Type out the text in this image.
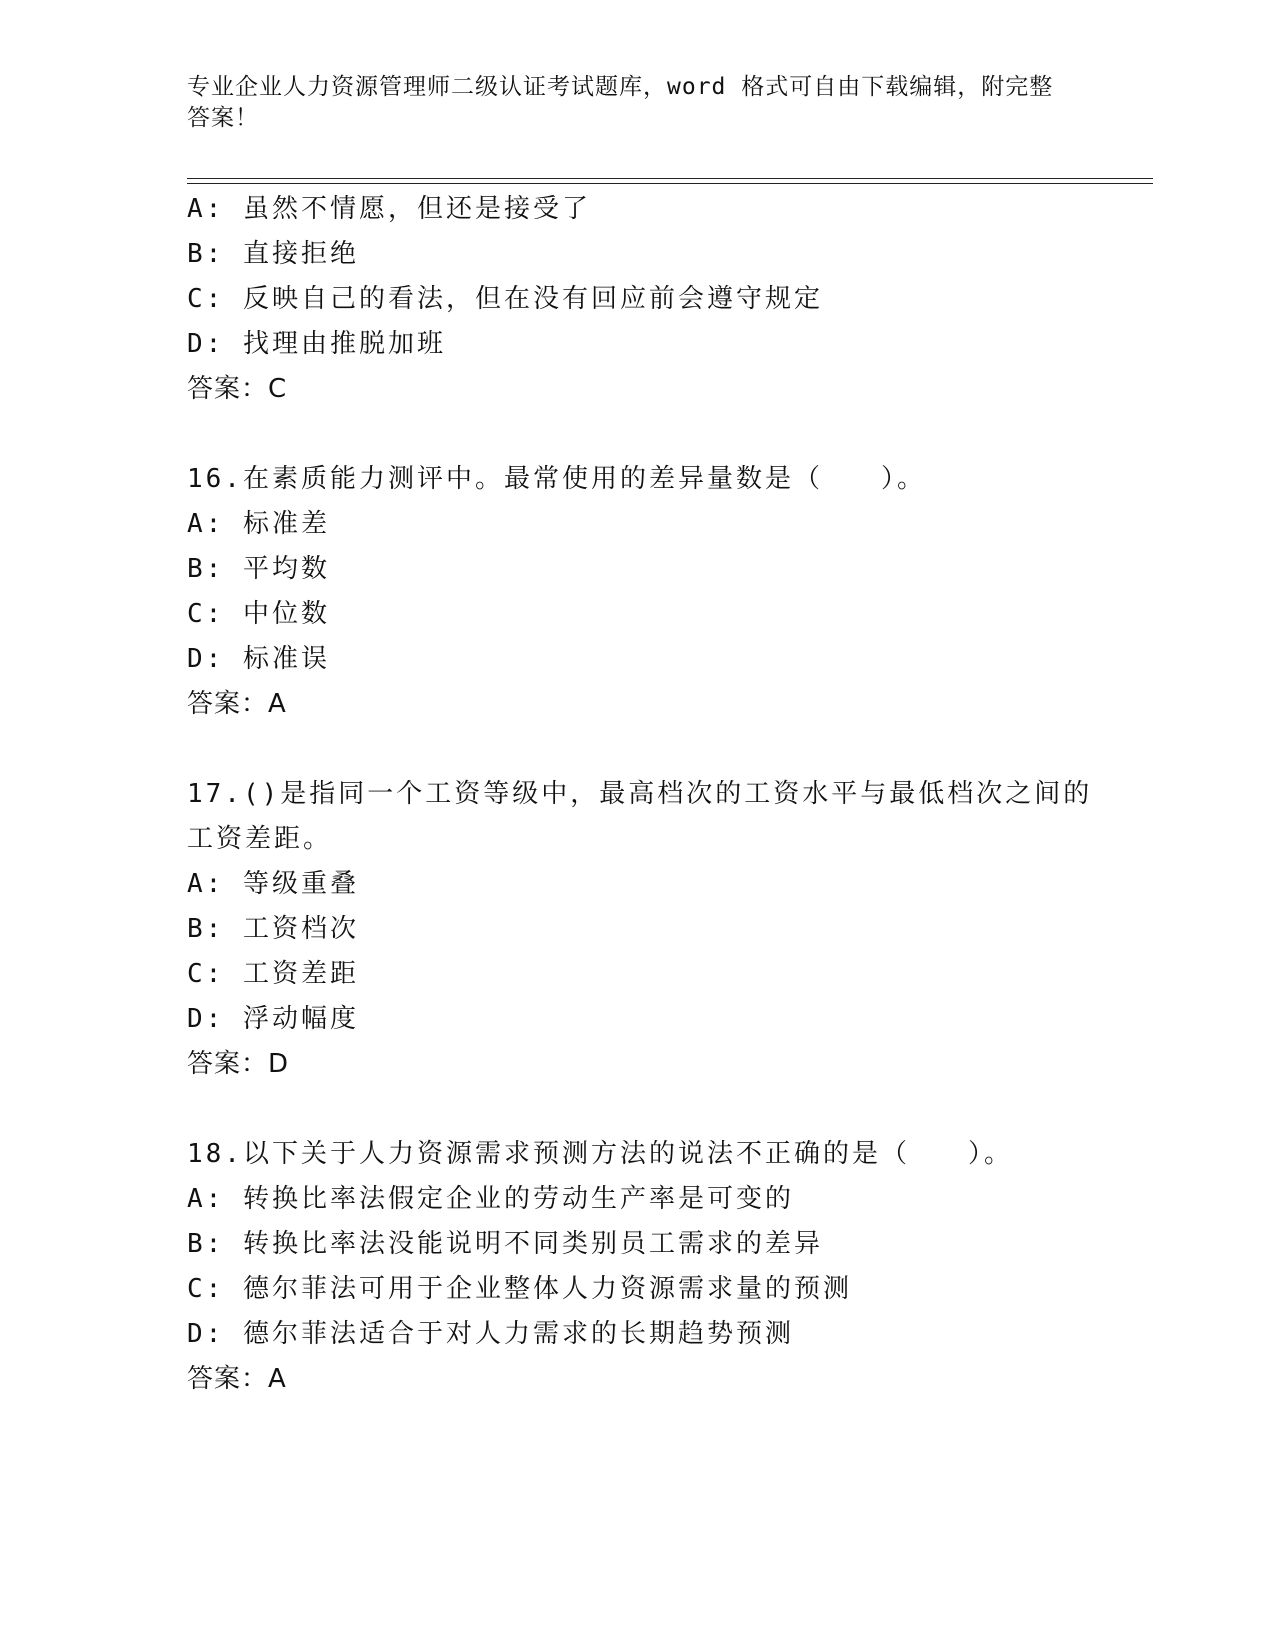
专业企业人力资源管理师二级认证考试题库，word 格式可自由下载编辑，附完整
答案！
A: 虽然不情愿，但还是接受了
B: 直接拒绝
C: 反映自己的看法，但在没有回应前会遵守规定
D: 找理由推脱加班
答案：C
16.在素质能力测评中。最常使用的差异量数是（　　）。
A: 标准差
B: 平均数
C: 中位数
D: 标准误
答案：A
17.()是指同一个工资等级中，最高档次的工资水平与最低档次之间的
工资差距。
A: 等级重叠
B: 工资档次
C: 工资差距
D: 浮动幅度
答案：D
18.以下关于人力资源需求预测方法的说法不正确的是（　　）。
A: 转换比率法假定企业的劳动生产率是可变的
B: 转换比率法没能说明不同类别员工需求的差异
C: 德尔菲法可用于企业整体人力资源需求量的预测
D: 德尔菲法适合于对人力需求的长期趋势预测
答案：A
